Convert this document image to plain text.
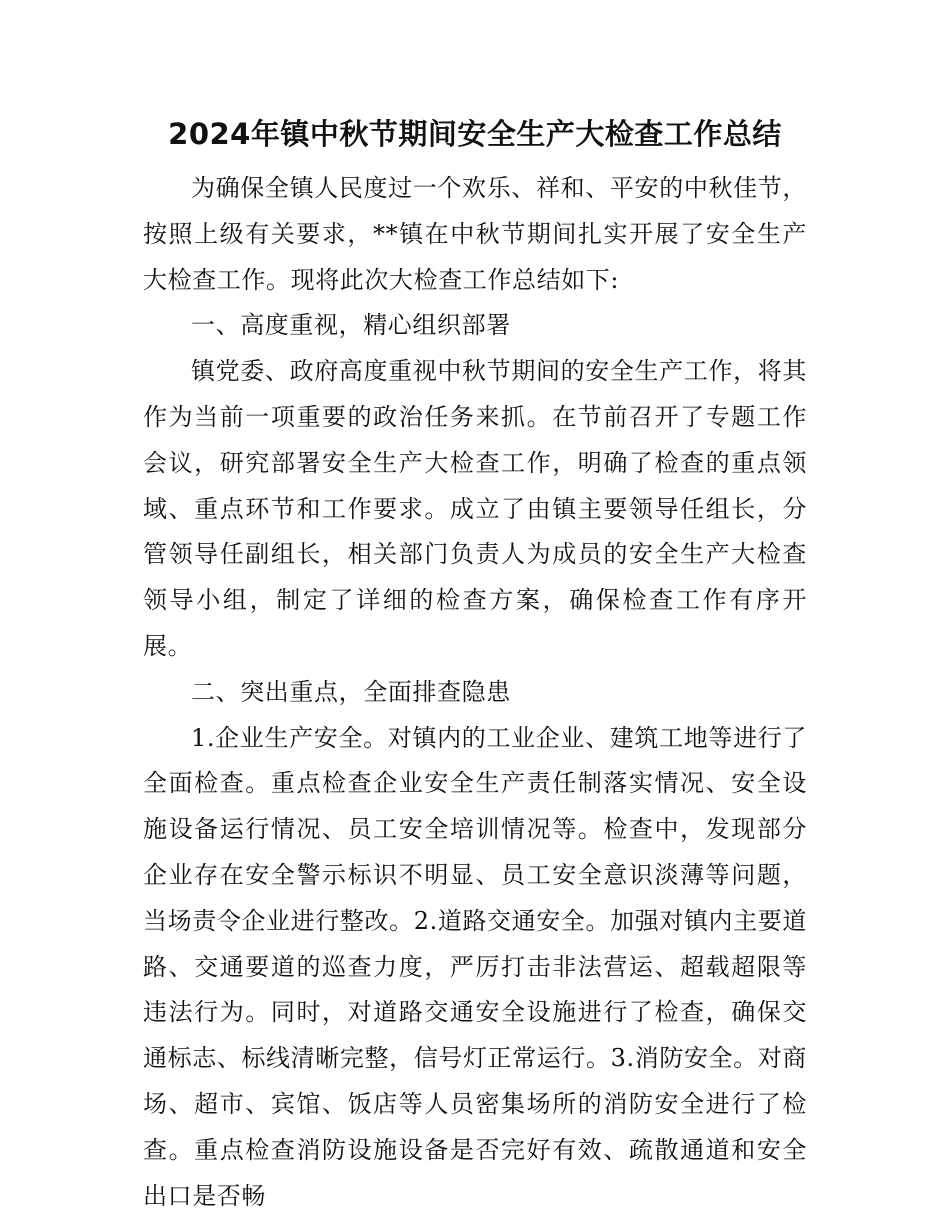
2024年镇中秋节期间安全生产大检查工作总结

为确保全镇人民度过一个欢乐、祥和、平安的中秋佳节，按照上级有关要求，**镇在中秋节期间扎实开展了安全生产大检查工作。现将此次大检查工作总结如下:

一、高度重视，精心组织部署

镇党委、政府高度重视中秋节期间的安全生产工作，将其作为当前一项重要的政治任务来抓。在节前召开了专题工作会议，研究部署安全生产大检查工作，明确了检查的重点领域、重点环节和工作要求。成立了由镇主要领导任组长，分管领导任副组长，相关部门负责人为成员的安全生产大检查领导小组，制定了详细的检查方案，确保检查工作有序开展。

二、突出重点，全面排查隐患

1.企业生产安全。对镇内的工业企业、建筑工地等进行了全面检查。重点检查企业安全生产责任制落实情况、安全设施设备运行情况、员工安全培训情况等。检查中，发现部分企业存在安全警示标识不明显、员工安全意识淡薄等问题，当场责令企业进行整改。2.道路交通安全。加强对镇内主要道路、交通要道的巡查力度，严厉打击非法营运、超载超限等违法行为。同时，对道路交通安全设施进行了检查，确保交通标志、标线清晰完整，信号灯正常运行。3.消防安全。对商场、超市、宾馆、饭店等人员密集场所的消防安全进行了检查。重点检查消防设施设备是否完好有效、疏散通道和安全出口是否畅
